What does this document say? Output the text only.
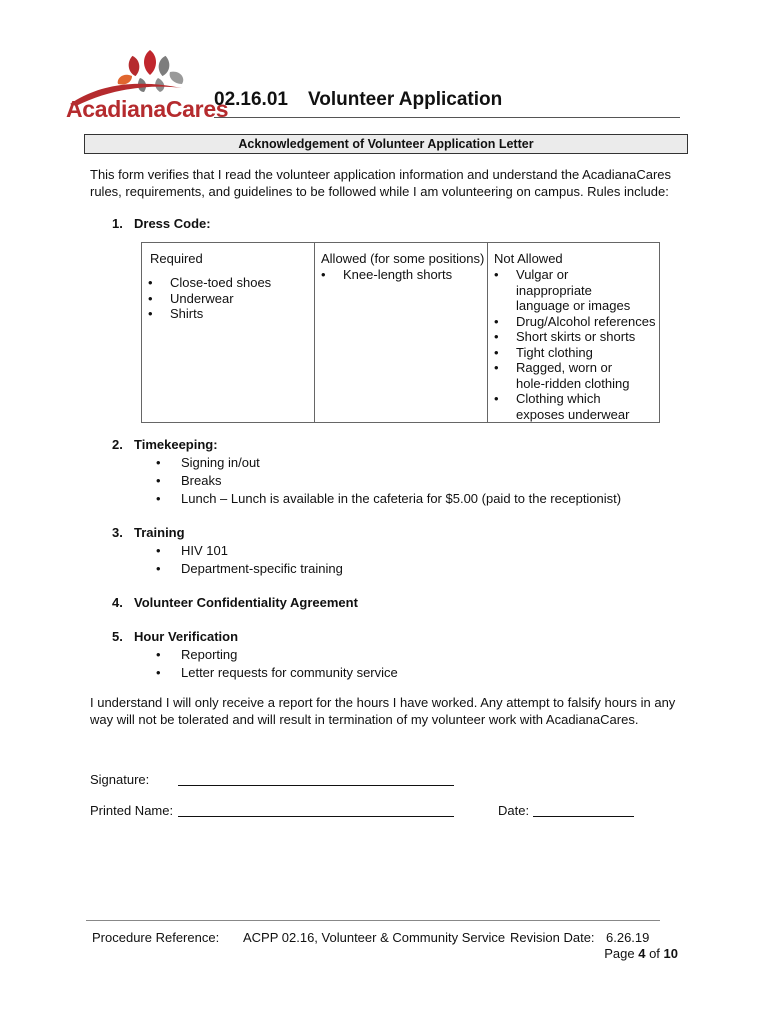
AcadianaCares
02.16.01 Volunteer Application
Acknowledgement of Volunteer Application Letter

This form verifies that I read the volunteer application information and understand the AcadianaCares rules, requirements, and guidelines to be followed while I am volunteering on campus. Rules include:

1. Dress Code:
Required
• Close-toed shoes
• Underwear
• Shirts

Allowed (for some positions)
• Knee-length shorts

Not Allowed
• Vulgar or inappropriate language or images
• Drug/Alcohol references
• Short skirts or shorts
• Tight clothing
• Ragged, worn or hole-ridden clothing
• Clothing which exposes underwear
2. Timekeeping:
• Signing in/out
• Breaks
• Lunch – Lunch is available in the cafeteria for $5.00 (paid to the receptionist)
3. Training
• HIV 101
• Department-specific training
4. Volunteer Confidentiality Agreement
5. Hour Verification
• Reporting
• Letter requests for community service

I understand I will only receive a report for the hours I have worked. Any attempt to falsify hours in any way will not be tolerated and will result in termination of my volunteer work with AcadianaCares.

Signature:
Printed Name:	Date:
Procedure Reference: ACPP 02.16, Volunteer & Community Service Revision Date: 6.26.19
Page 4 of 10
